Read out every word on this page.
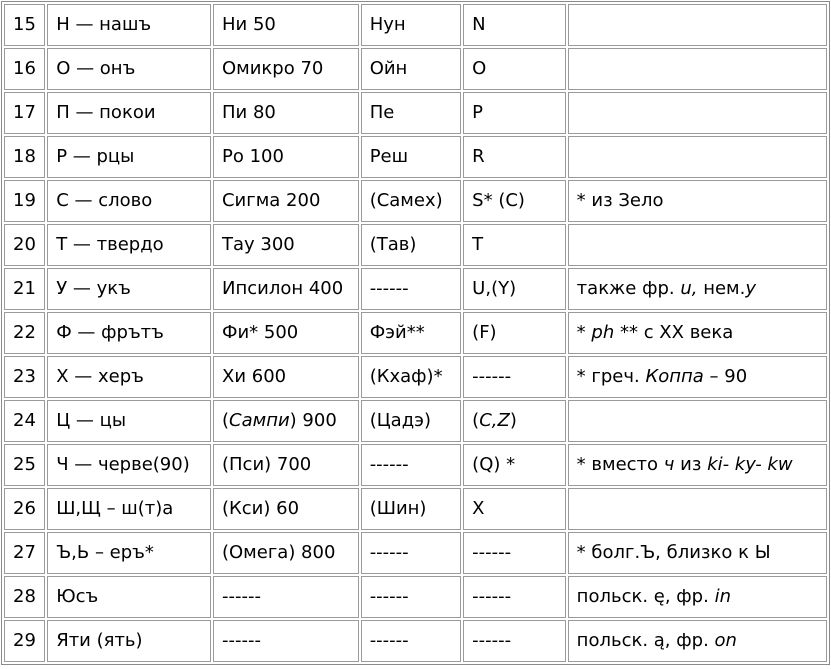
15	Н — нашъ	Ни 50	Нун	N	
16	О — онъ	Омикро 70	Ойн	O	
17	П — покои	Пи 80	Пе	P	
18	Р — рцы	Ро 100	Реш	R	
19	С — слово	Сигма 200	(Самех)	S* (C)	* из Зело
20	Т — твердо	Тау 300	(Тав)	T	
21	У — укъ	Ипсилон 400	------	U,(Y)	также фр. u, нем.y
22	Ф — фрътъ	Фи* 500	Фэй**	(F)	* ph ** с XX века
23	Х — херъ	Хи 600	(Кхаф)*	------	* греч. Коппа – 90
24	Ц — цы	(Сампи) 900	(Цадэ)	(C,Z)	
25	Ч — черве(90)	(Пси) 700	------	(Q) *	* вместо ч из ki- ky- kw
26	Ш,Щ – ш(т)а	(Кси) 60	(Шин)	X	
27	Ъ,Ь – еръ*	(Омега) 800	------	------	* болг.Ъ, близко к Ы
28	Юсъ	------	------	------	польск. ę, фр. in
29	Яти (ять)	------	------	------	польск. ą, фр. on
